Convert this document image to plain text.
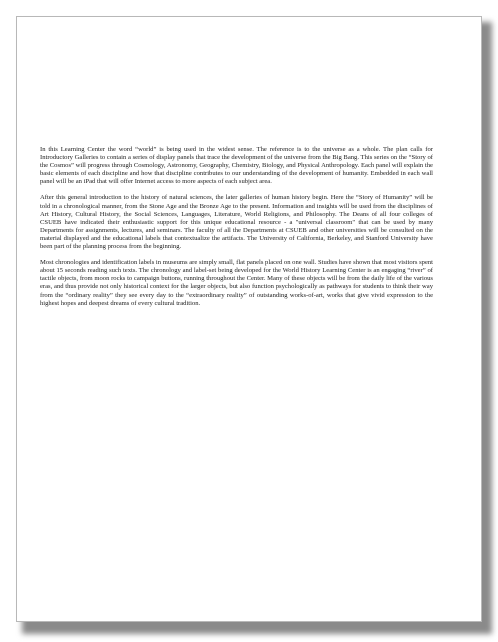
In this Learning Center the word “world” is being used in the widest sense. The reference is to the universe as a whole. The plan calls for Introductory Galleries to contain a series of display panels that trace the development of the universe from the Big Bang. This series on the “Story of the Cosmos” will progress through Cosmology, Astronomy, Geography, Chemistry, Biology, and Physical Anthropology. Each panel will explain the basic elements of each discipline and how that discipline contributes to our understanding of the development of humanity. Embedded in each wall panel will be an iPad that will offer Internet access to more aspects of each subject area.

After this general introduction to the history of natural sciences, the later galleries of human history begin. Here the “Story of Humanity” will be told in a chronological manner, from the Stone Age and the Bronze Age to the present. Information and insights will be used from the disciplines of Art History, Cultural History, the Social Sciences, Languages, Literature, World Religions, and Philosophy. The Deans of all four colleges of CSUEB have indicated their enthusiastic support for this unique educational resource - a "universal classroom" that can be used by many Departments for assignments, lectures, and seminars. The faculty of all the Departments at CSUEB and other universities will be consulted on the material displayed and the educational labels that contextualize the artifacts. The University of California, Berkeley, and Stanford University have been part of the planning process from the beginning.

Most chronologies and identification labels in museums are simply small, flat panels placed on one wall. Studies have shown that most visitors spent about 15 seconds reading such texts. The chronology and label-set being developed for the World History Learning Center is an engaging “river” of tactile objects, from moon rocks to campaign buttons, running throughout the Center. Many of these objects will be from the daily life of the various eras, and thus provide not only historical context for the larger objects, but also function psychologically as pathways for students to think their way from the “ordinary reality” they see every day to the “extraordinary reality” of outstanding works-of-art, works that give vivid expression to the highest hopes and deepest dreams of every cultural tradition.
